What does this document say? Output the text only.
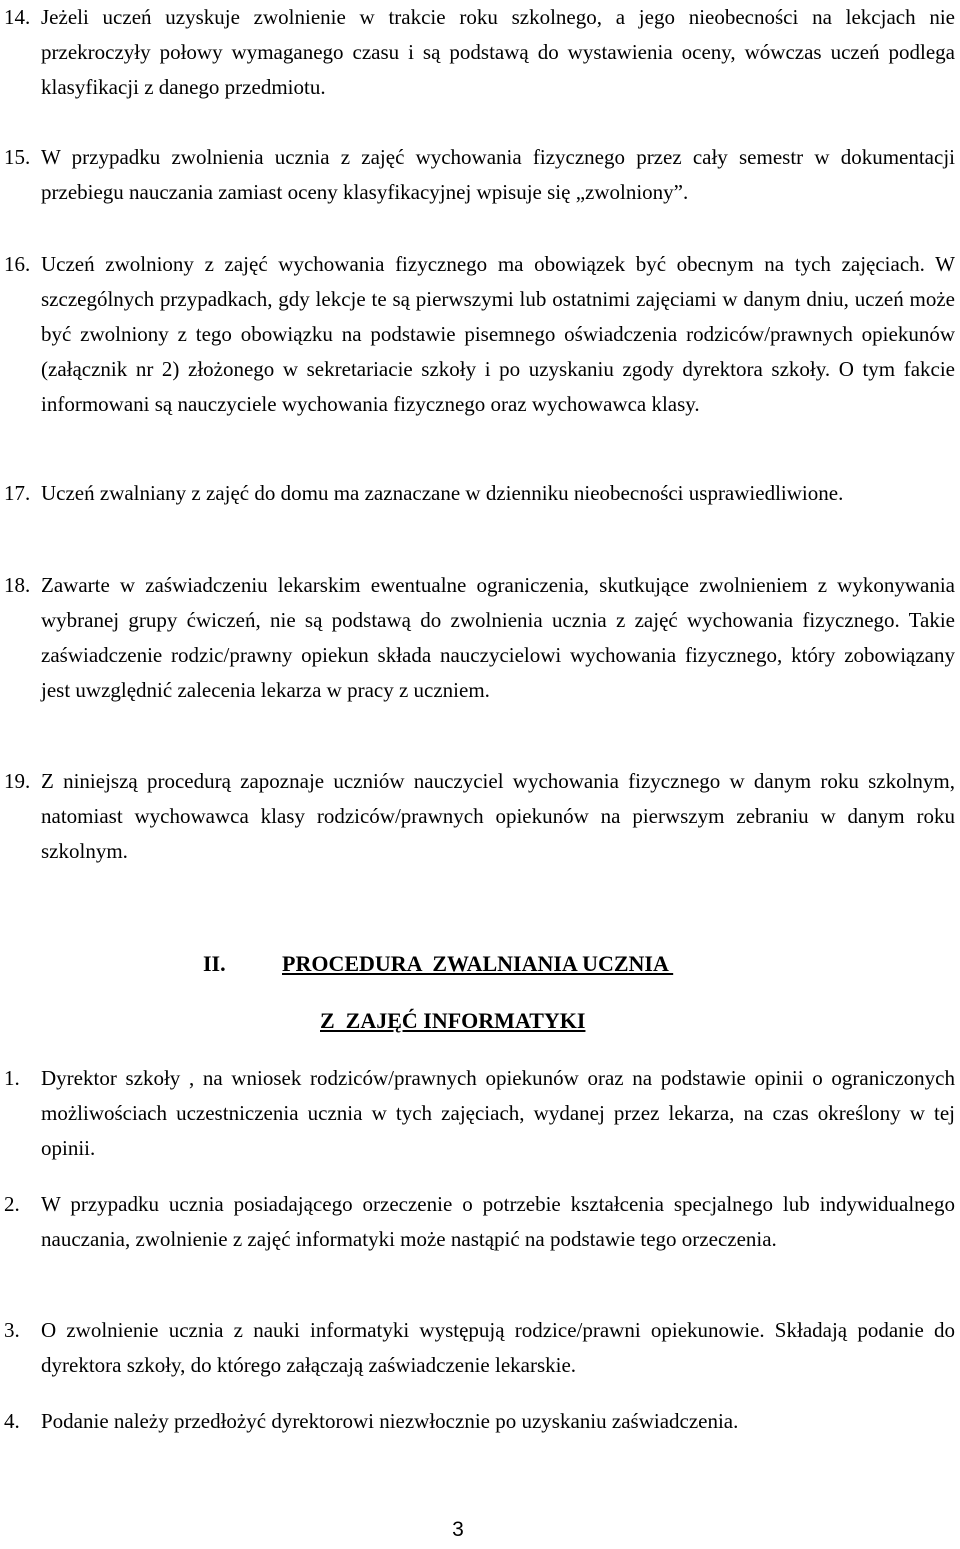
14. Jeżeli uczeń uzyskuje zwolnienie w trakcie roku szkolnego, a jego nieobecności na lekcjach nie przekroczyły połowy wymaganego czasu i są podstawą do wystawienia oceny, wówczas uczeń podlega klasyfikacji z danego przedmiotu.
15. W przypadku zwolnienia ucznia z zajęć wychowania fizycznego przez cały semestr w dokumentacji przebiegu nauczania zamiast oceny klasyfikacyjnej wpisuje się „zwolniony”.
16. Uczeń zwolniony z zajęć wychowania fizycznego ma obowiązek być obecnym na tych zajęciach. W szczególnych przypadkach, gdy lekcje te są pierwszymi lub ostatnimi zajęciami w danym dniu, uczeń może być zwolniony z tego obowiązku na podstawie pisemnego oświadczenia rodziców/prawnych opiekunów (załącznik nr 2) złożonego w sekretariacie szkoły i po uzyskaniu zgody dyrektora szkoły. O tym fakcie informowani są nauczyciele wychowania fizycznego oraz wychowawca klasy.
17. Uczeń zwalniany z zajęć do domu ma zaznaczane w dzienniku nieobecności usprawiedliwione.
18. Zawarte w zaświadczeniu lekarskim ewentualne ograniczenia, skutkujące zwolnieniem z wykonywania wybranej grupy ćwiczeń, nie są podstawą do zwolnienia ucznia z zajęć wychowania fizycznego. Takie zaświadczenie rodzic/prawny opiekun składa nauczycielowi wychowania fizycznego, który zobowiązany jest uwzględnić zalecenia lekarza w pracy z uczniem.
19. Z niniejszą procedurą zapoznaje uczniów nauczyciel wychowania fizycznego w danym roku szkolnym, natomiast wychowawca klasy rodziców/prawnych opiekunów na pierwszym zebraniu w danym roku szkolnym.
II.	PROCEDURA  ZWALNIANIA UCZNIA
Z  ZAJĘĆ INFORMATYKI
1. Dyrektor szkoły , na wniosek rodziców/prawnych opiekunów oraz na podstawie opinii o ograniczonych możliwościach uczestniczenia ucznia w tych zajęciach, wydanej przez lekarza, na czas określony w tej opinii.
2. W przypadku ucznia posiadającego orzeczenie o potrzebie kształcenia specjalnego lub indywidualnego nauczania, zwolnienie z zajęć informatyki może nastąpić na podstawie tego orzeczenia.
3. O zwolnienie ucznia z nauki informatyki występują rodzice/prawni opiekunowie. Składają podanie do dyrektora szkoły, do którego załączają zaświadczenie lekarskie.
4. Podanie należy przedłożyć dyrektorowi niezwłocznie po uzyskaniu zaświadczenia.
3
